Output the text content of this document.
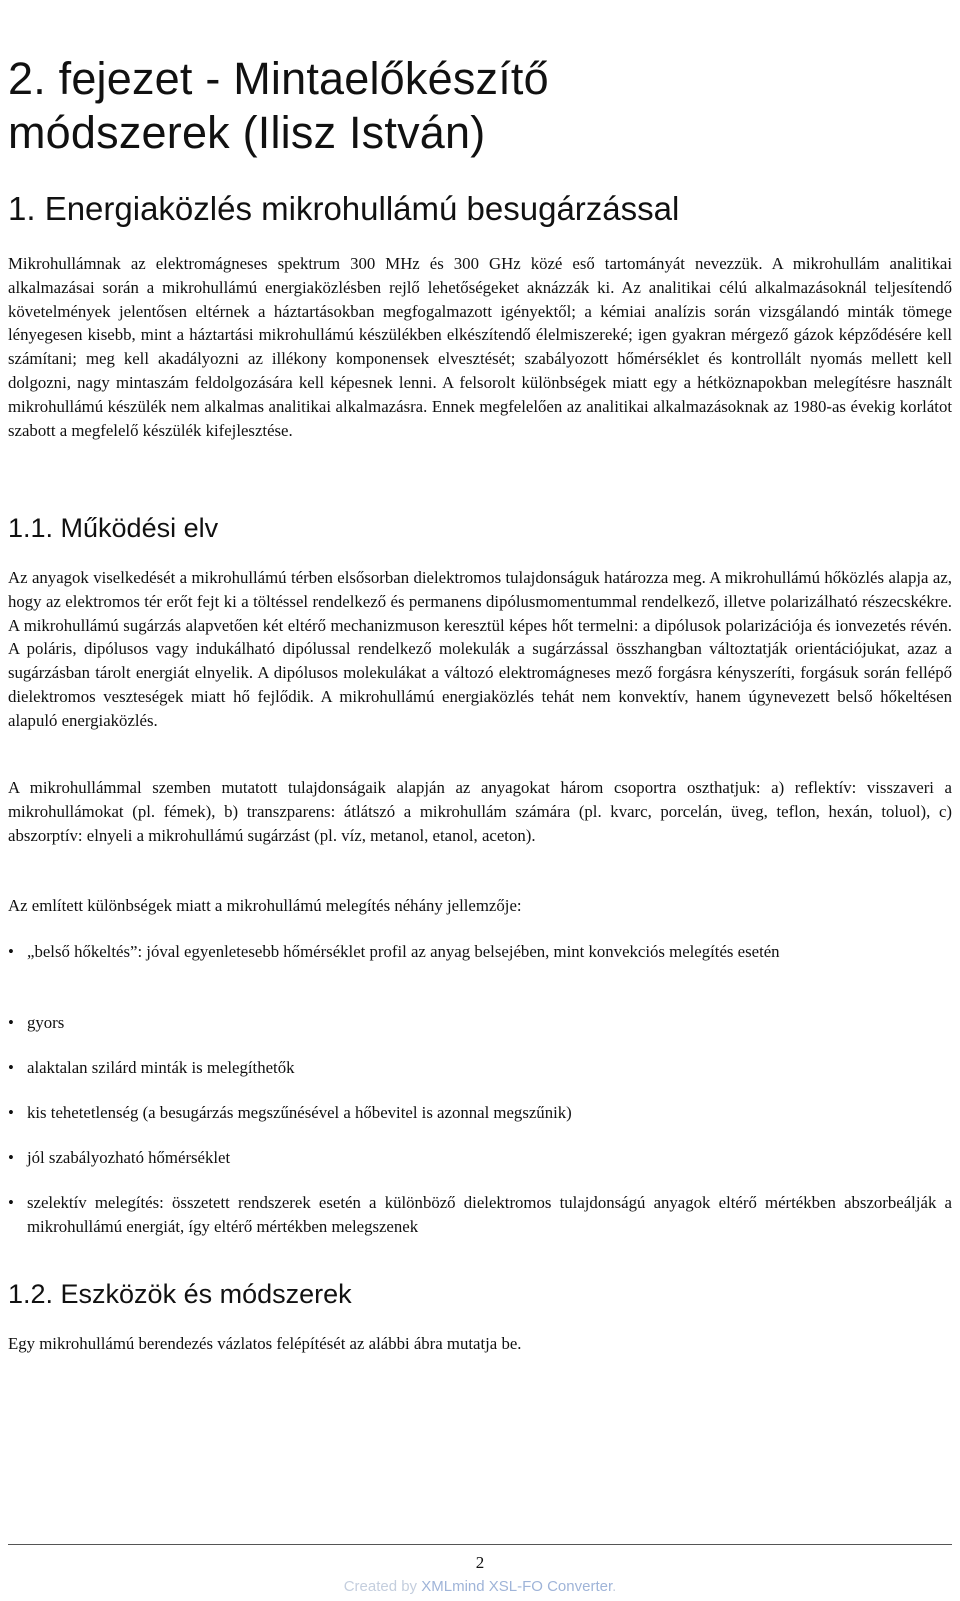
2. fejezet - Mintaelőkészítő
módszerek (Ilisz István)
1. Energiaközlés mikrohullámú besugárzással

Mikrohullámnak az elektromágneses spektrum 300 MHz és 300 GHz közé eső tartományát nevezzük. A mikrohullám analitikai alkalmazásai során a mikrohullámú energiaközlésben rejlő lehetőségeket aknázzák ki. Az analitikai célú alkalmazásoknál teljesítendő követelmények jelentősen eltérnek a háztartásokban megfogalmazott igényektől; a kémiai analízis során vizsgálandó minták tömege lényegesen kisebb, mint a háztartási mikrohullámú készülékben elkészítendő élelmiszereké; igen gyakran mérgező gázok képződésére kell számítani; meg kell akadályozni az illékony komponensek elvesztését; szabályozott hőmérséklet és kontrollált nyomás mellett kell dolgozni, nagy mintaszám feldolgozására kell képesnek lenni. A felsorolt különbségek miatt egy a hétköznapokban melegítésre használt mikrohullámú készülék nem alkalmas analitikai alkalmazásra. Ennek megfelelően az analitikai alkalmazásoknak az 1980-as évekig korlátot szabott a megfelelő készülék kifejlesztése.

1.1. Működési elv

Az anyagok viselkedését a mikrohullámú térben elsősorban dielektromos tulajdonságuk határozza meg. A mikrohullámú hőközlés alapja az, hogy az elektromos tér erőt fejt ki a töltéssel rendelkező és permanens dipólusmomentummal rendelkező, illetve polarizálható részecskékre. A mikrohullámú sugárzás alapvetően két eltérő mechanizmuson keresztül képes hőt termelni: a dipólusok polarizációja és ionvezetés révén. A poláris, dipólusos vagy indukálható dipólussal rendelkező molekulák a sugárzással összhangban változtatják orientációjukat, azaz a sugárzásban tárolt energiát elnyelik. A dipólusos molekulákat a változó elektromágneses mező forgásra kényszeríti, forgásuk során fellépő dielektromos veszteségek miatt hő fejlődik. A mikrohullámú energiaközlés tehát nem konvektív, hanem úgynevezett belső hőkeltésen alapuló energiaközlés.

A mikrohullámmal szemben mutatott tulajdonságaik alapján az anyagokat három csoportra oszthatjuk: a) reflektív: visszaveri a mikrohullámokat (pl. fémek), b) transzparens: átlátszó a mikrohullám számára (pl. kvarc, porcelán, üveg, teflon, hexán, toluol), c) abszorptív: elnyeli a mikrohullámú sugárzást (pl. víz, metanol, etanol, aceton).

Az említett különbségek miatt a mikrohullámú melegítés néhány jellemzője:

• „belső hőkeltés”: jóval egyenletesebb hőmérséklet profil az anyag belsejében, mint konvekciós melegítés esetén
• gyors
• alaktalan szilárd minták is melegíthetők
• kis tehetetlenség (a besugárzás megszűnésével a hőbevitel is azonnal megszűnik)
• jól szabályozható hőmérséklet
• szelektív melegítés: összetett rendszerek esetén a különböző dielektromos tulajdonságú anyagok eltérő mértékben abszorbeálják a mikrohullámú energiát, így eltérő mértékben melegszenek
1.2. Eszközök és módszerek

Egy mikrohullámú berendezés vázlatos felépítését az alábbi ábra mutatja be.

2
Created by XMLmind XSL-FO Converter.
